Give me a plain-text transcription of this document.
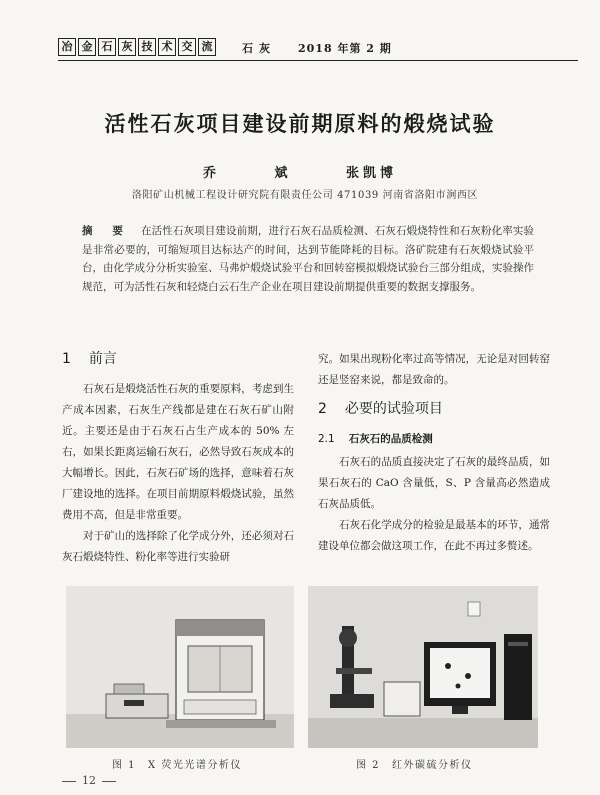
冶 金 石 灰 技 术 交 流	石灰 2018 年第 2 期
活性石灰项目建设前期原料的煅烧试验
乔 斌 张凯博
洛阳矿山机械工程设计研究院有限责任公司 471039 河南省洛阳市涧西区
摘 要 在活性石灰项目建设前期，进行石灰石品质检测、石灰石煅烧特性和石灰粉化率实验是非常必要的，可缩短项目达标达产的时间，达到节能降耗的目标。洛矿院建有石灰煅烧试验平台，由化学成分分析实验室、马弗炉煅烧试验平台和回转窑模拟煅烧试验台三部分组成，实验操作规范，可为活性石灰和轻烧白云石生产企业在项目建设前期提供重要的数据支撑服务。
1 前言

石灰石是煅烧活性石灰的重要原料，考虑到生产成本因素，石灰生产线都是建在石灰石矿山附近。主要还是由于石灰石占生产成本的 50% 左右，如果长距离运输石灰石，必然导致石灰成本的大幅增长。因此，石灰石矿场的选择，意味着石灰厂建设地的选择。在项目前期原料煅烧试验，虽然费用不高，但是非常重要。

对于矿山的选择除了化学成分外，还必须对石灰石煅烧特性、粉化率等进行实验研

究。如果出现粉化率过高等情况，无论是对回转窑还是竖窑来说，都是致命的。

2 必要的试验项目
2.1 石灰石的品质检测

石灰石的品质直接决定了石灰的最终品质，如果石灰石的 CaO 含量低，S、P 含量高必然造成石灰品质低。

石灰石化学成分的检验是最基本的环节，通常建设单位都会做这项工作，在此不再过多赘述。

图 1 X 荧光光谱分析仪	图 2 红外碳硫分析仪
12
